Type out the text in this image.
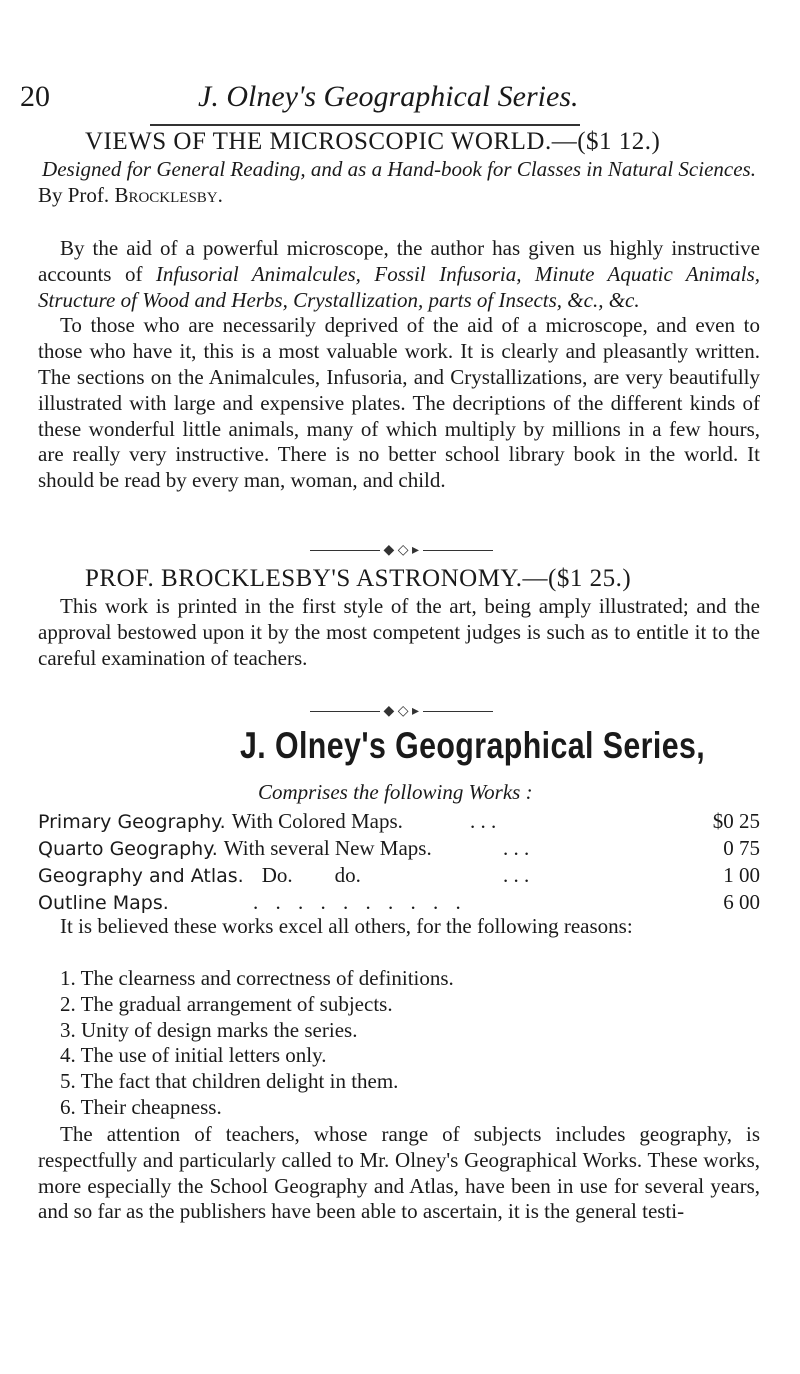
20	J. Olney's Geographical Series.
VIEWS OF THE MICROSCOPIC WORLD.—($1 12.)

Designed for General Reading, and as a Hand-book for Classes in Natural Sciences. By Prof. Brocklesby.

By the aid of a powerful microscope, the author has given us highly instructive accounts of Infusorial Animalcules, Fossil Infusoria, Minute Aquatic Animals, Structure of Wood and Herbs, Crystallization, parts of Insects, &c., &c.

To those who are necessarily deprived of the aid of a microscope, and even to those who have it, this is a most valuable work. It is clearly and pleasantly written. The sections on the Animalcules, Infusoria, and Crystallizations, are very beautifully illustrated with large and expensive plates. The decriptions of the different kinds of these wonderful little animals, many of which multiply by millions in a few hours, are really very instructive. There is no better school library book in the world. It should be read by every man, woman, and child.

◆ ◇ ▸
PROF. BROCKLESBY'S ASTRONOMY.—($1 25.)

This work is printed in the first style of the art, being amply illustrated; and the approval bestowed upon it by the most competent judges is such as to entitle it to the careful examination of teachers.

◆ ◇ ▸
J. Olney's Geographical Series,
Comprises the following Works :
Primary Geography. With Colored Maps.	. . .	$0 25
Quarto Geography. With several New Maps.	. . .	0 75
Geography and Atlas. Do.        do.	. . .	1 00
Outline Maps.	. . . . . . . . . .	6 00

It is believed these works excel all others, for the following reasons:

1. The clearness and correctness of definitions.
2. The gradual arrangement of subjects.
3. Unity of design marks the series.
4. The use of initial letters only.
5. The fact that children delight in them.
6. Their cheapness.

The attention of teachers, whose range of subjects includes geography, is respectfully and particularly called to Mr. Olney's Geographical Works. These works, more especially the School Geography and Atlas, have been in use for several years, and so far as the publishers have been able to ascertain, it is the general testi-
